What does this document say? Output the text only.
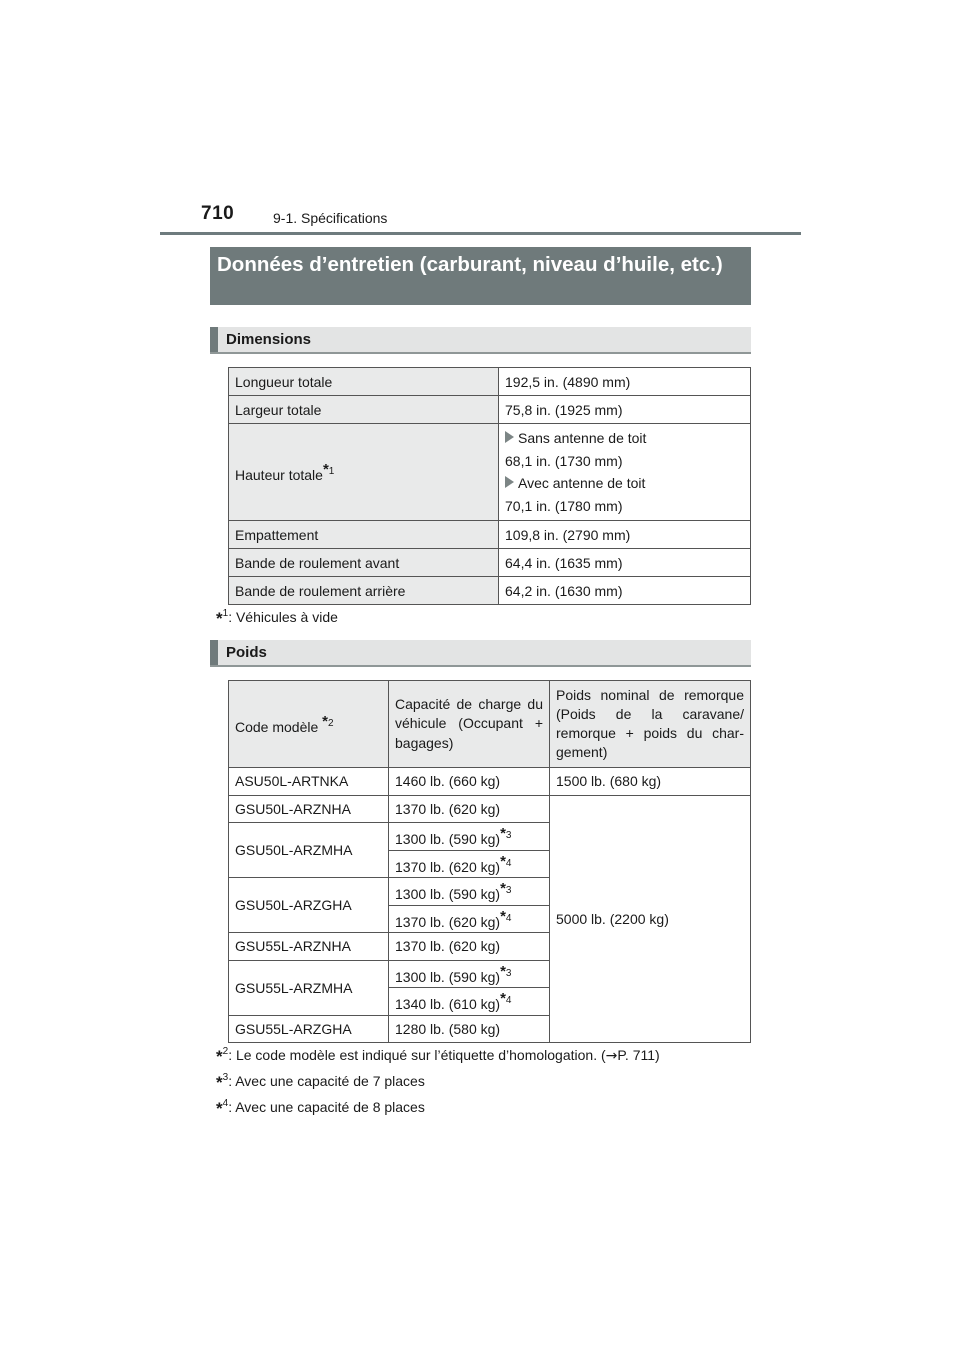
710	9-1. Spécifications
Données d’entretien (carburant, niveau d’huile, etc.)
Dimensions
Longueur totale	192,5 in. (4890 mm)
Largeur totale	75,8 in. (1925 mm)
Hauteur totale$^{*1}$	Sans antenne de toit
68,1 in. (1730 mm)
Avec antenne de toit
70,1 in. (1780 mm)

Empattement	109,8 in. (2790 mm)
Bande de roulement avant	64,4 in. (1635 mm)
Bande de roulement arrière	64,2 in. (1630 mm)
*$^1$: Véhicules à vide
Poids
Code modèle $^{*2}$	Capacité de charge du véhicule (Occupant + bagages)	Poids nominal de remorque (Poids de la caravane/ remorque + poids du char- gement)
ASU50L-ARTNKA	1460 lb. (660 kg)	1500 lb. (680 kg)
GSU50L-ARZNHA	1370 lb. (620 kg)	5000 lb. (2200 kg)
GSU50L-ARZMHA	1300 lb. (590 kg)$^{*3}$
	1370 lb. (620 kg)$^{*4}$
GSU50L-ARZGHA	1300 lb. (590 kg)$^{*3}$
	1370 lb. (620 kg)$^{*4}$
GSU55L-ARZNHA	1370 lb. (620 kg)	
GSU55L-ARZMHA	1300 lb. (590 kg)$^{*3}$
	1340 lb. (610 kg)$^{*4}$
GSU55L-ARZGHA	1280 lb. (580 kg)	
*$^2$: Le code modèle est indiqué sur l’étiquette d’homologation. (→P. 711)
*$^3$: Avec une capacité de 7 places
*$^4$: Avec une capacité de 8 places
